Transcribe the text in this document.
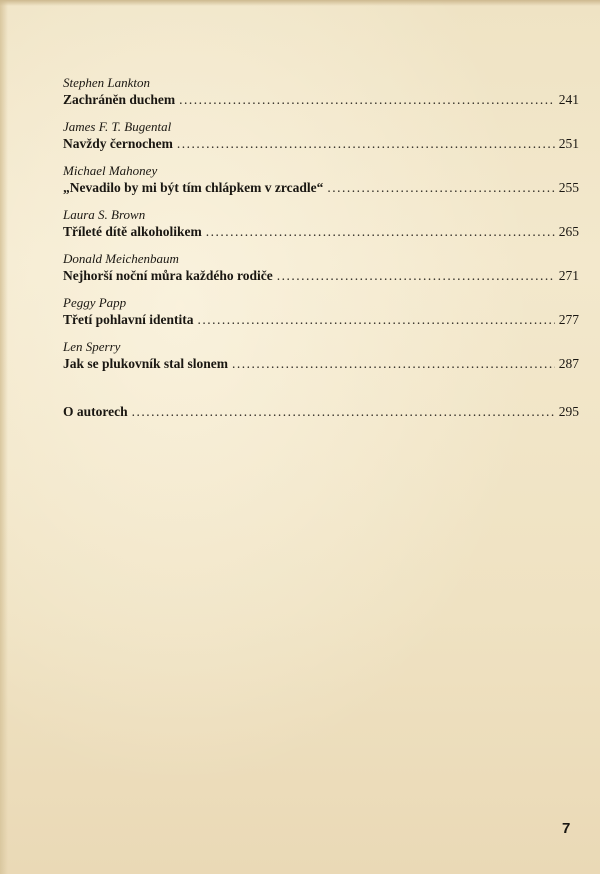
Stephen Lankton
Zachráněn duchem .....	241
James F. T. Bugental
Navždy černochem .....	251
Michael Mahoney
„Nevadilo by mi být tím chlápkem v zrcadle“ .....	255
Laura S. Brown
Tříleté dítě alkoholikem .....	265
Donald Meichenbaum
Nejhorší noční můra každého rodiče .....	271
Peggy Papp
Třetí pohlavní identita .....	277
Len Sperry
Jak se plukovník stal slonem .....	287
O autorech .....	295
7
